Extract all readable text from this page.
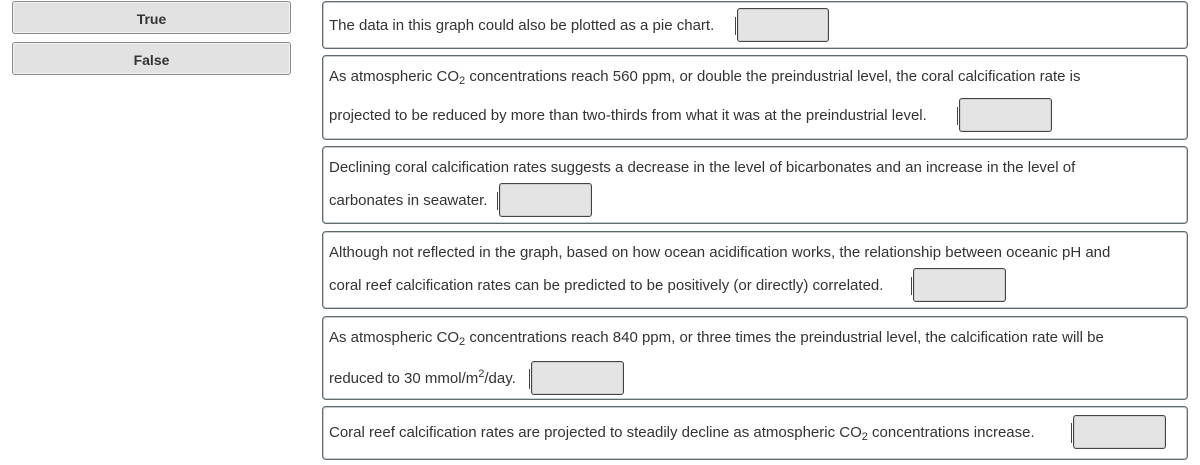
True
False
The data in this graph could also be plotted as a pie chart.
As atmospheric $CO_2$ concentrations reach 560 ppm, or double the preindustrial level, the coral calcification rate is
projected to be reduced by more than two-thirds from what it was at the preindustrial level.
Declining coral calcification rates suggests a decrease in the level of bicarbonates and an increase in the level of
carbonates in seawater.
Although not reflected in the graph, based on how ocean acidification works, the relationship between oceanic pH and
coral reef calcification rates can be predicted to be positively (or directly) correlated.
As atmospheric $CO_2$ concentrations reach 840 ppm, or three times the preindustrial level, the calcification rate will be
reduced to 30 mmol/$m^2$/day.
Coral reef calcification rates are projected to steadily decline as atmospheric $CO_2$ concentrations increase.
